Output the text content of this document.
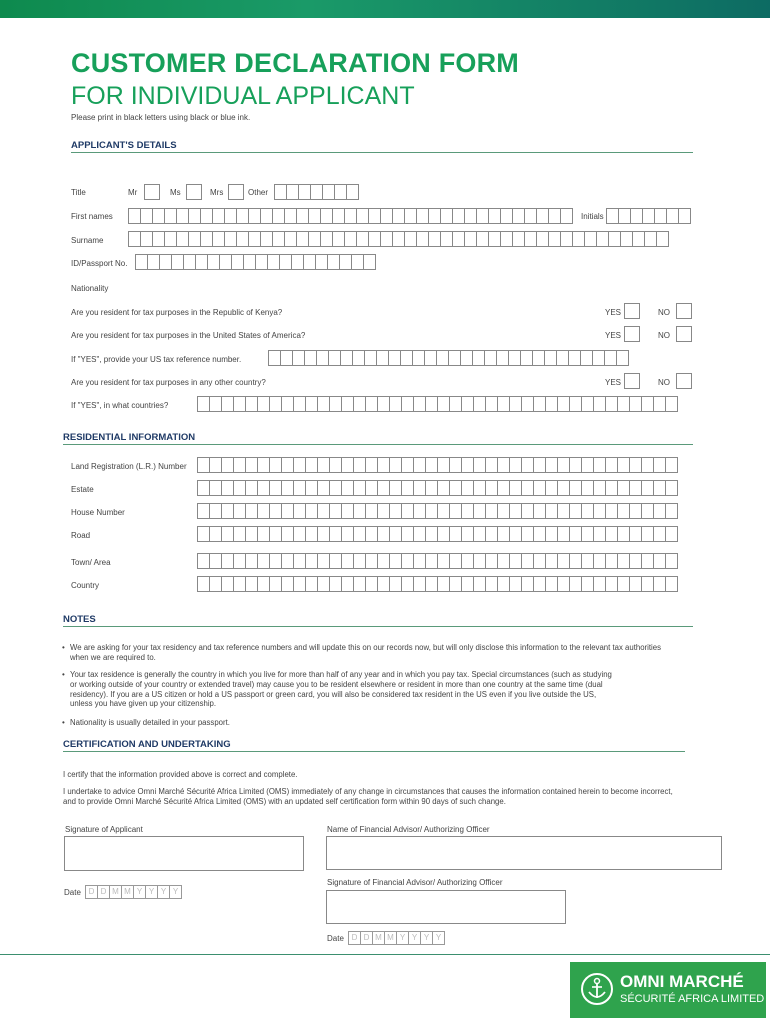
CUSTOMER DECLARATION FORM
FOR INDIVIDUAL APPLICANT
Please print in black letters using black or blue ink.
APPLICANT'S DETAILS
Title	Mr	Ms	Mrs	Other
First names	Initials
Surname
ID/Passport No.
Nationality
Are you resident for tax purposes in the Republic of Kenya?	YES	NO
Are you resident for tax purposes in the United States of America?	YES	NO
If "YES", provide your US tax reference number.
Are you resident for tax purposes in any other country?	YES	NO
If "YES", in what countries?
RESIDENTIAL INFORMATION
Land Registration (L.R.) Number
Estate
House Number
Road
Town/ Area
Country
NOTES
• We are asking for your tax residency and tax reference numbers and will update this on our records now, but will only disclose this information to the relevant tax authorities
when we are required to.
• Your tax residence is generally the country in which you live for more than half of any year and in which you pay tax. Special circumstances (such as studying
or working outside of your country or extended travel) may cause you to be resident elsewhere or resident in more than one country at the same time (dual
residency). If you are a US citizen or hold a US passport or green card, you will also be considered tax resident in the US even if you live outside the US,
unless you have given up your citizenship.
• Nationality is usually detailed in your passport.
CERTIFICATION AND UNDERTAKING
I certify that the information provided above is correct and complete.
I undertake to advice Omni Marché Sécurité Africa Limited (OMS) immediately of any change in circumstances that causes the information contained herein to become incorrect,
and to provide Omni Marché Sécurité Africa Limited (OMS) with an updated self certification form within 90 days of such change.
Signature of Applicant	Name of Financial Advisor/ Authorizing Officer
Signature of Financial Advisor/ Authorizing Officer
Date D D M M Y Y Y Y
Date D D M M Y Y Y Y
OMNI MARCHÉ
SÉCURITÉ AFRICA LIMITED
